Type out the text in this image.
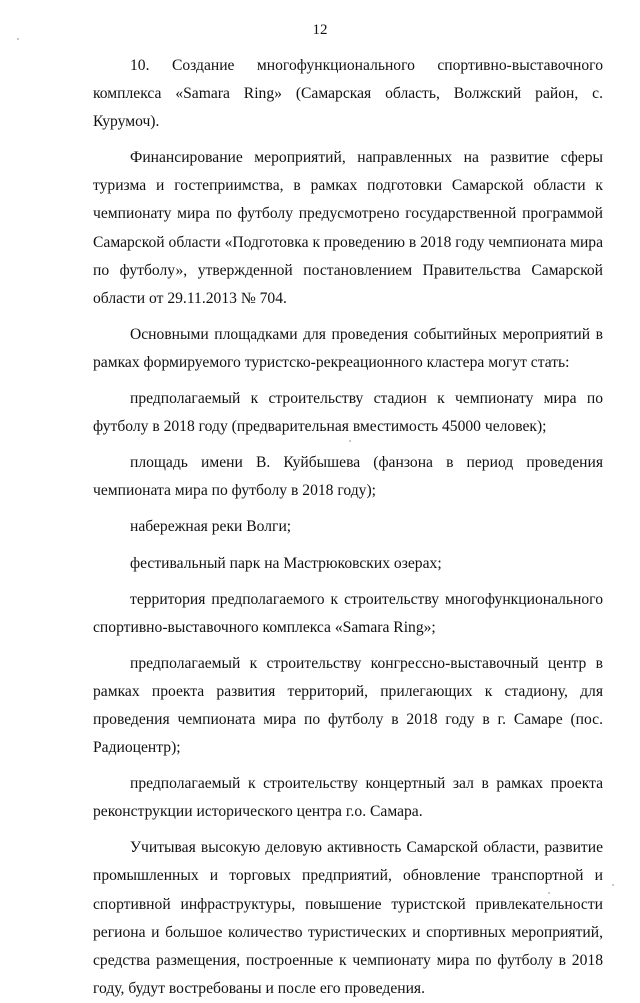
12

10. Создание многофункционального спортивно-выставочного комплекса «Samara Ring» (Самарская область, Волжский район, с. Курумоч).

Финансирование мероприятий, направленных на развитие сферы туризма и гостеприимства, в рамках подготовки Самарской области к чемпионату мира по футболу предусмотрено государственной программой Самарской области «Подготовка к проведению в 2018 году чемпионата мира по футболу», утвержденной постановлением Правительства Самарской области от 29.11.2013 № 704.

Основными площадками для проведения событийных мероприятий в рамках формируемого туристско-рекреационного кластера могут стать:

предполагаемый к строительству стадион к чемпионату мира по футболу в 2018 году (предварительная вместимость 45000 человек);

площадь имени В. Куйбышева (фанзона в период проведения чемпионата мира по футболу в 2018 году);

набережная реки Волги;

фестивальный парк на Мастрюковских озерах;

территория предполагаемого к строительству многофункционального спортивно-выставочного комплекса «Samara Ring»;

предполагаемый к строительству конгрессно-выставочный центр в рамках проекта развития территорий, прилегающих к стадиону, для проведения чемпионата мира по футболу в 2018 году в г. Самаре (пос. Радиоцентр);

предполагаемый к строительству концертный зал в рамках проекта реконструкции исторического центра г.о. Самара.

Учитывая высокую деловую активность Самарской области, развитие промышленных и торговых предприятий, обновление транспортной и спортивной инфраструктуры, повышение туристской привлекательности региона и большое количество туристических и спортивных мероприятий, средства размещения, построенные к чемпионату мира по футболу в 2018 году, будут востребованы и после его проведения.
